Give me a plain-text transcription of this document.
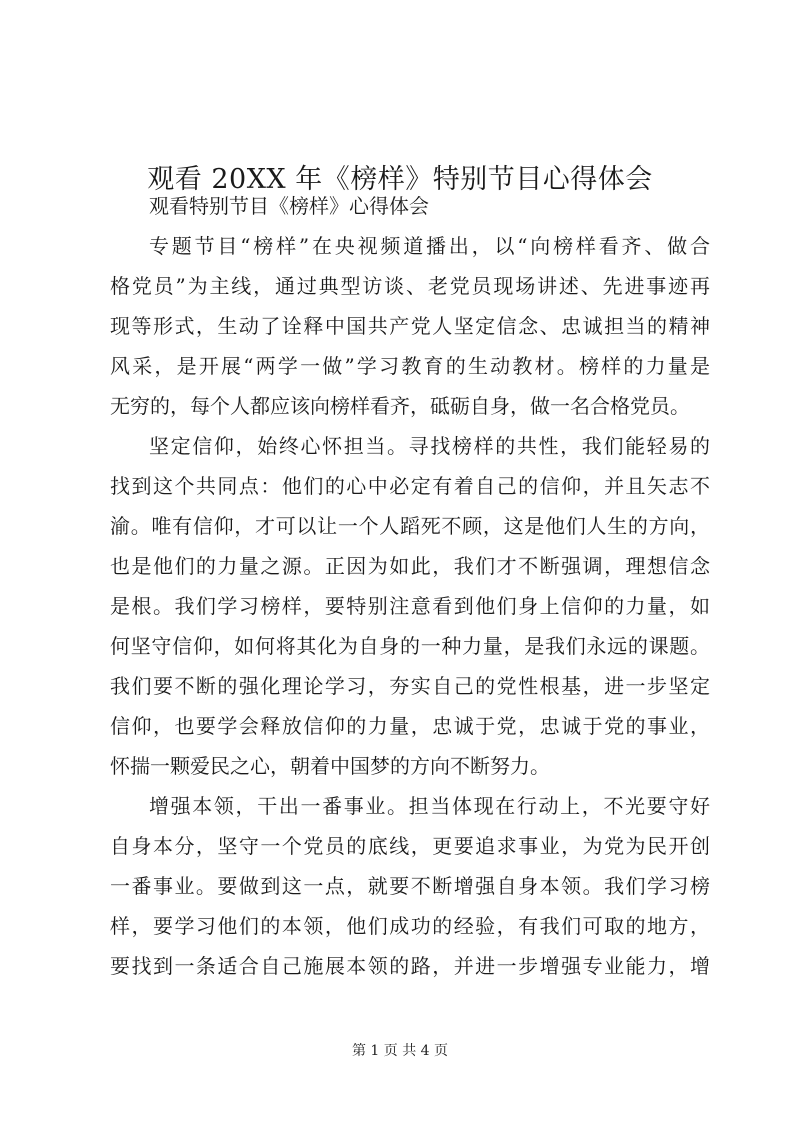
观看 20XX 年《榜样》特别节目心得体会
观看特别节目《榜样》心得体会
专题节目“榜样”在央视频道播出，以“向榜样看齐、做合
格党员”为主线，通过典型访谈、老党员现场讲述、先进事迹再
现等形式，生动了诠释中国共产党人坚定信念、忠诚担当的精神
风采，是开展“两学一做”学习教育的生动教材。榜样的力量是
无穷的，每个人都应该向榜样看齐，砥砺自身，做一名合格党员。
坚定信仰，始终心怀担当。寻找榜样的共性，我们能轻易的
找到这个共同点：他们的心中必定有着自己的信仰，并且矢志不
渝。唯有信仰，才可以让一个人蹈死不顾，这是他们人生的方向，
也是他们的力量之源。正因为如此，我们才不断强调，理想信念
是根。我们学习榜样，要特别注意看到他们身上信仰的力量，如
何坚守信仰，如何将其化为自身的一种力量，是我们永远的课题。
我们要不断的强化理论学习，夯实自己的党性根基，进一步坚定
信仰，也要学会释放信仰的力量，忠诚于党，忠诚于党的事业，
怀揣一颗爱民之心，朝着中国梦的方向不断努力。
增强本领，干出一番事业。担当体现在行动上，不光要守好
自身本分，坚守一个党员的底线，更要追求事业，为党为民开创
一番事业。要做到这一点，就要不断增强自身本领。我们学习榜
样，要学习他们的本领，他们成功的经验，有我们可取的地方，
要找到一条适合自己施展本领的路，并进一步增强专业能力，增
第 1 页 共 4 页
